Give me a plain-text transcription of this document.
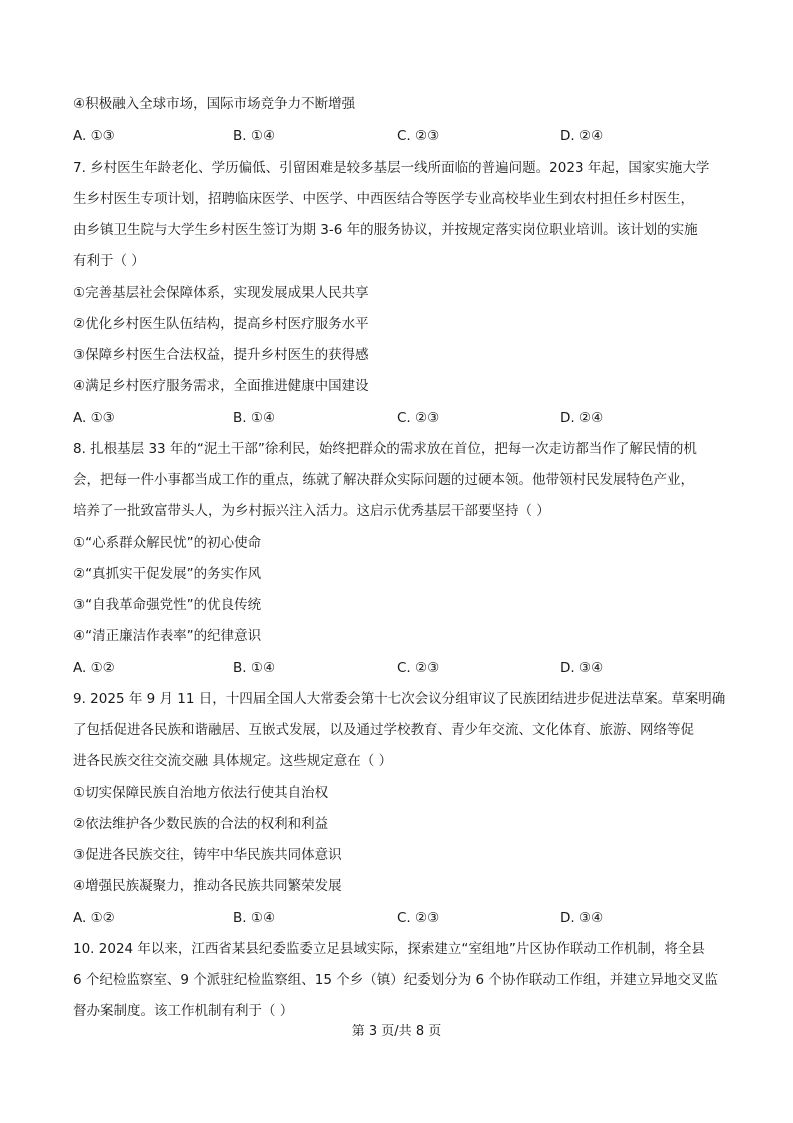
④积极融入全球市场，国际市场竞争力不断增强
A. ①③	B. ①④	C. ②③	D. ②④
7. 乡村医生年龄老化、学历偏低、引留困难是较多基层一线所面临的普遍问题。2023 年起，国家实施大学
生乡村医生专项计划，招聘临床医学、中医学、中西医结合等医学专业高校毕业生到农村担任乡村医生，
由乡镇卫生院与大学生乡村医生签订为期 3-6 年的服务协议，并按规定落实岗位职业培训。该计划的实施
有利于（ ）
①完善基层社会保障体系，实现发展成果人民共享
②优化乡村医生队伍结构，提高乡村医疗服务水平
③保障乡村医生合法权益，提升乡村医生的获得感
④满足乡村医疗服务需求，全面推进健康中国建设
A. ①③	B. ①④	C. ②③	D. ②④
8. 扎根基层 33 年的“泥土干部”徐利民，始终把群众的需求放在首位，把每一次走访都当作了解民情的机
会，把每一件小事都当成工作的重点，练就了解决群众实际问题的过硬本领。他带领村民发展特色产业，
培养了一批致富带头人，为乡村振兴注入活力。这启示优秀基层干部要坚持（ ）
①“心系群众解民忧”的初心使命
②“真抓实干促发展”的务实作风
③“自我革命强党性”的优良传统
④“清正廉洁作表率”的纪律意识
A. ①②	B. ①④	C. ②③	D. ③④
9. 2025 年 9 月 11 日，十四届全国人大常委会第十七次会议分组审议了民族团结进步促进法草案。草案明确
了包括促进各民族和谐融居、互嵌式发展，以及通过学校教育、青少年交流、文化体育、旅游、网络等促
进各民族交往交流交融 具体规定。这些规定意在（ ）
①切实保障民族自治地方依法行使其自治权
②依法维护各少数民族的合法的权利和利益
③促进各民族交往，铸牢中华民族共同体意识
④增强民族凝聚力，推动各民族共同繁荣发展
A. ①②	B. ①④	C. ②③	D. ③④
10. 2024 年以来，江西省某县纪委监委立足县域实际，探索建立“室组地”片区协作联动工作机制，将全县
6 个纪检监察室、9 个派驻纪检监察组、15 个乡（镇）纪委划分为 6 个协作联动工作组，并建立异地交叉监
督办案制度。该工作机制有利于（ ）
第 3 页/共 8 页
